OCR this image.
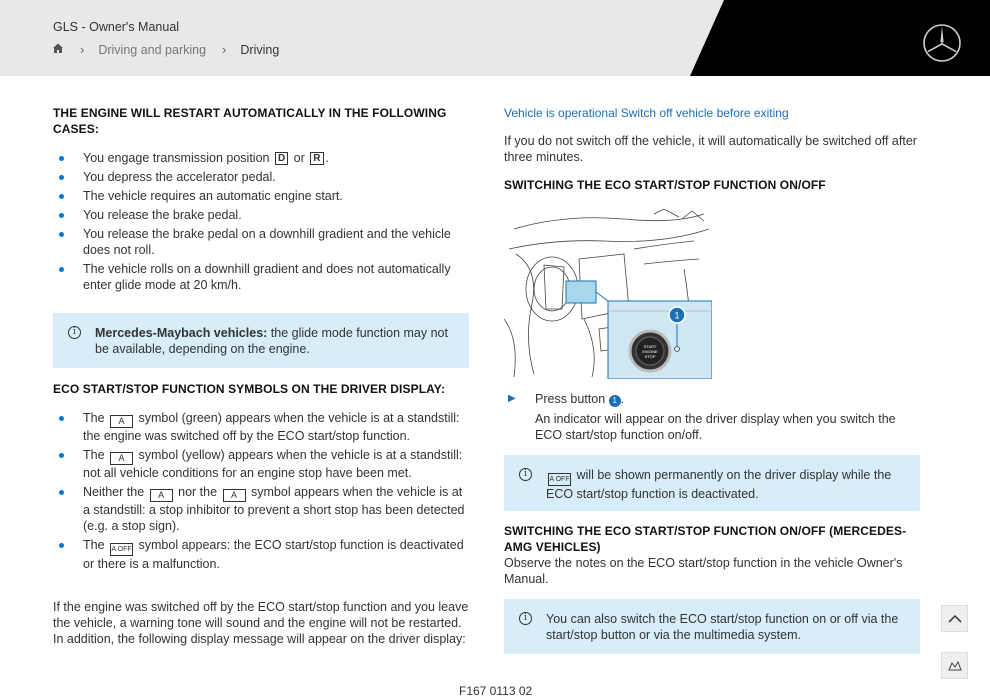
GLS - Owner's Manual
› Driving and parking › Driving
THE ENGINE WILL RESTART AUTOMATICALLY IN THE FOLLOWING CASES:
You engage transmission position D or R .
You depress the accelerator pedal.
The vehicle requires an automatic engine start.
You release the brake pedal.
You release the brake pedal on a downhill gradient and the vehicle does not roll.
The vehicle rolls on a downhill gradient and does not automatically enter glide mode at 20 km/h.
i	Mercedes-Maybach vehicles: the glide mode function may not be available, depending on the engine.
ECO START/STOP FUNCTION SYMBOLS ON THE DRIVER DISPLAY:
The A symbol (green) appears when the vehicle is at a standstill: the engine was switched off by the ECO start/stop function.
The A symbol (yellow) appears when the vehicle is at a standstill: not all vehicle conditions for an engine stop have been met.
Neither the A nor the A symbol appears when the vehicle is at a standstill: a stop inhibitor to prevent a short stop has been detected (e.g. a stop sign).
The A OFF symbol appears: the ECO start/stop function is deactivated or there is a malfunction.

If the engine was switched off by the ECO start/stop function and you leave the vehicle, a warning tone will sound and the engine will not be restarted. In addition, the following display message will appear on the driver display:

Vehicle is operational Switch off vehicle before exiting

If you do not switch off the vehicle, it will automatically be switched off after three minutes.

SWITCHING THE ECO START/STOP FUNCTION ON/OFF
START
ENGINE
STOP
1
▶ Press button 1 .

An indicator will appear on the driver display when you switch the ECO start/stop function on/off.

i
A OFF will be shown permanently on the driver display while the ECO start/stop function is deactivated.
SWITCHING THE ECO START/STOP FUNCTION ON/OFF (MERCEDES-AMG VEHICLES)

Observe the notes on the ECO start/stop function in the vehicle Owner's Manual.

i	You can also switch the ECO start/stop function on or off via the start/stop button or via the multimedia system.
F167 0113 02
